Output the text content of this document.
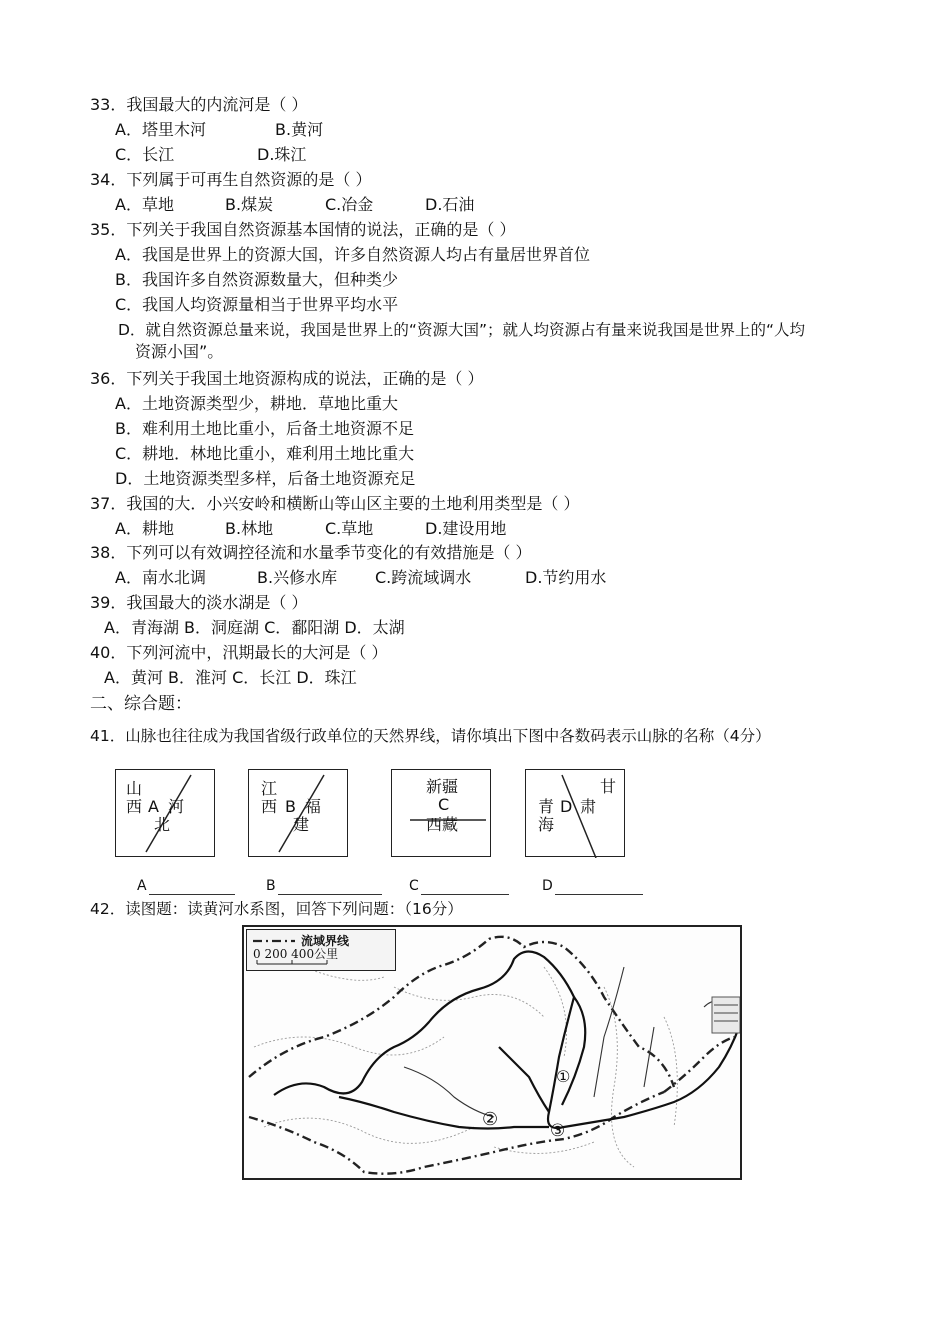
33．我国最大的内流河是（ ）
A．塔里木河	B.黄河
C．长江	D.珠江
34．下列属于可再生自然资源的是（ ）
A．草地	B.煤炭	C.冶金	D.石油
35．下列关于我国自然资源基本国情的说法，正确的是（ ）
A．我国是世界上的资源大国，许多自然资源人均占有量居世界首位
B．我国许多自然资源数量大，但种类少
C．我国人均资源量相当于世界平均水平
D．就自然资源总量来说，我国是世界上的“资源大国”；就人均资源占有量来说我国是世界上的“人均
资源小国”。
36．下列关于我国土地资源构成的说法，正确的是（ ）
A．土地资源类型少，耕地．草地比重大
B．难利用土地比重小，后备土地资源不足
C．耕地．林地比重小，难利用土地比重大
D．土地资源类型多样，后备土地资源充足
37．我国的大．小兴安岭和横断山等山区主要的土地利用类型是（ ）
A．耕地	B.林地	C.草地	D.建设用地
38．下列可以有效调控径流和水量季节变化的有效措施是（ ）
A．南水北调	B.兴修水库 C.跨流域调水	D.节约用水
39．我国最大的淡水湖是（ ）
A．青海湖 B．洞庭湖 C．鄱阳湖 D．太湖
40．下列河流中，汛期最长的大河是（ ）
A．黄河 B．淮河 C．长江 D．珠江
二、综合题：
41．山脉也往往成为我国省级行政单位的天然界线，请你填出下图中各数码表示山脉的名称（4分）
山
西 A 河
北
江
西 B 福
建
新疆
C
西藏
甘
青 D 肃
海
A	B	C	D
42．读图题：读黄河水系图，回答下列问题：（16分）
流域界线
0 200 400公里
①
②
③
